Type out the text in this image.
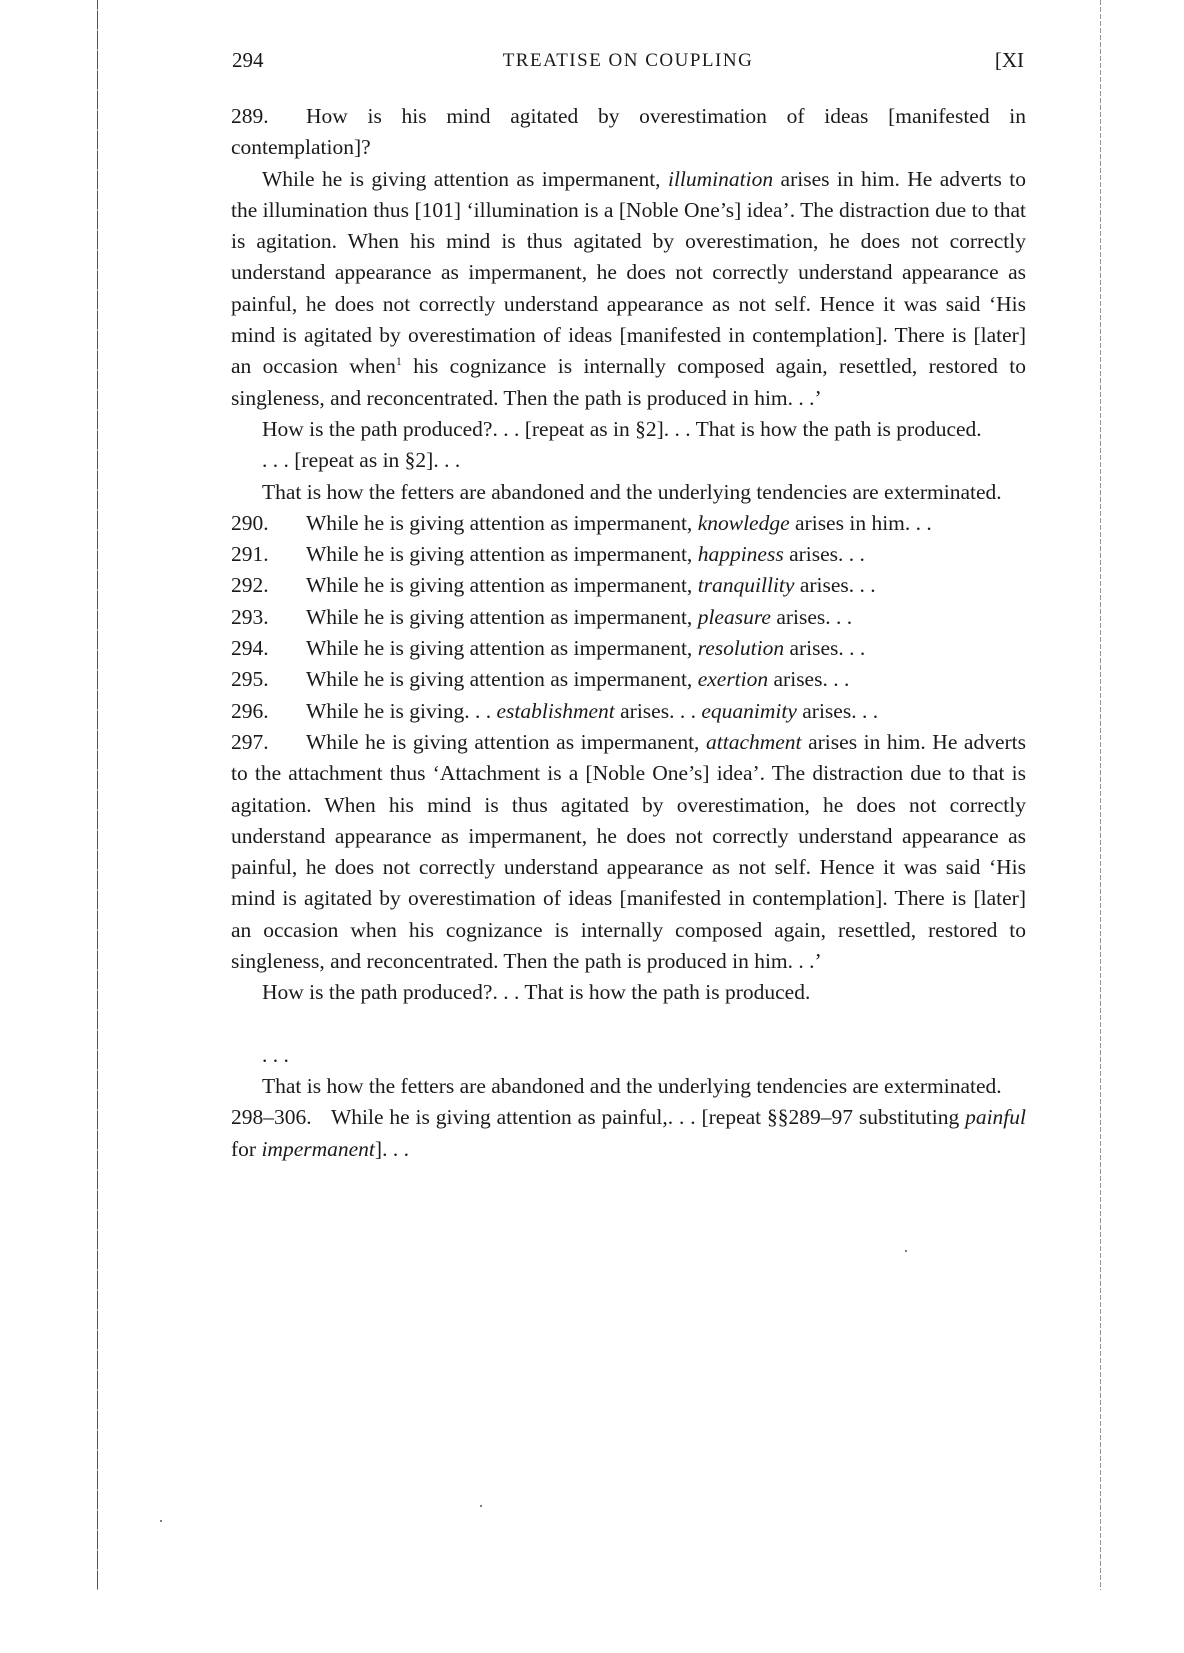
294	TREATISE ON COUPLING	[XI

289. How is his mind agitated by overestimation of ideas [manifested in contemplation]?

While he is giving attention as impermanent, illumination arises in him. He adverts to the illumination thus [101] ‘illumination is a [Noble One’s] idea’. The distraction due to that is agitation. When his mind is thus agitated by overestimation, he does not correctly understand appearance as impermanent, he does not correctly understand appearance as painful, he does not correctly understand appearance as not self. Hence it was said ‘His mind is agitated by overestimation of ideas [manifested in contemplation]. There is [later] an occasion when$^1$ his cognizance is internally composed again, resettled, restored to singleness, and reconcentrated. Then the path is produced in him. . .’

How is the path produced?. . . [repeat as in §2]. . . That is how the path is produced.

. . . [repeat as in §2]. . .

That is how the fetters are abandoned and the underlying tendencies are exterminated.

290. While he is giving attention as impermanent, knowledge arises in him. . .

291. While he is giving attention as impermanent, happiness arises. . .

292. While he is giving attention as impermanent, tranquillity arises. . .

293. While he is giving attention as impermanent, pleasure arises. . .

294. While he is giving attention as impermanent, resolution arises. . .

295. While he is giving attention as impermanent, exertion arises. . .

296. While he is giving. . . establishment arises. . . equanimity arises. . .

297. While he is giving attention as impermanent, attachment arises in him. He adverts to the attachment thus ‘Attachment is a [Noble One’s] idea’. The distraction due to that is agitation. When his mind is thus agitated by overestimation, he does not correctly understand appearance as impermanent, he does not correctly understand appearance as painful, he does not correctly understand appearance as not self. Hence it was said ‘His mind is agitated by overestimation of ideas [manifested in contemplation]. There is [later] an occasion when his cognizance is internally composed again, resettled, restored to singleness, and reconcentrated. Then the path is produced in him. . .’

How is the path produced?. . . That is how the path is produced.

. . .

That is how the fetters are abandoned and the underlying tendencies are exterminated.

298–306. While he is giving attention as painful,. . . [repeat §§289–97 substituting painful for impermanent]. . .
